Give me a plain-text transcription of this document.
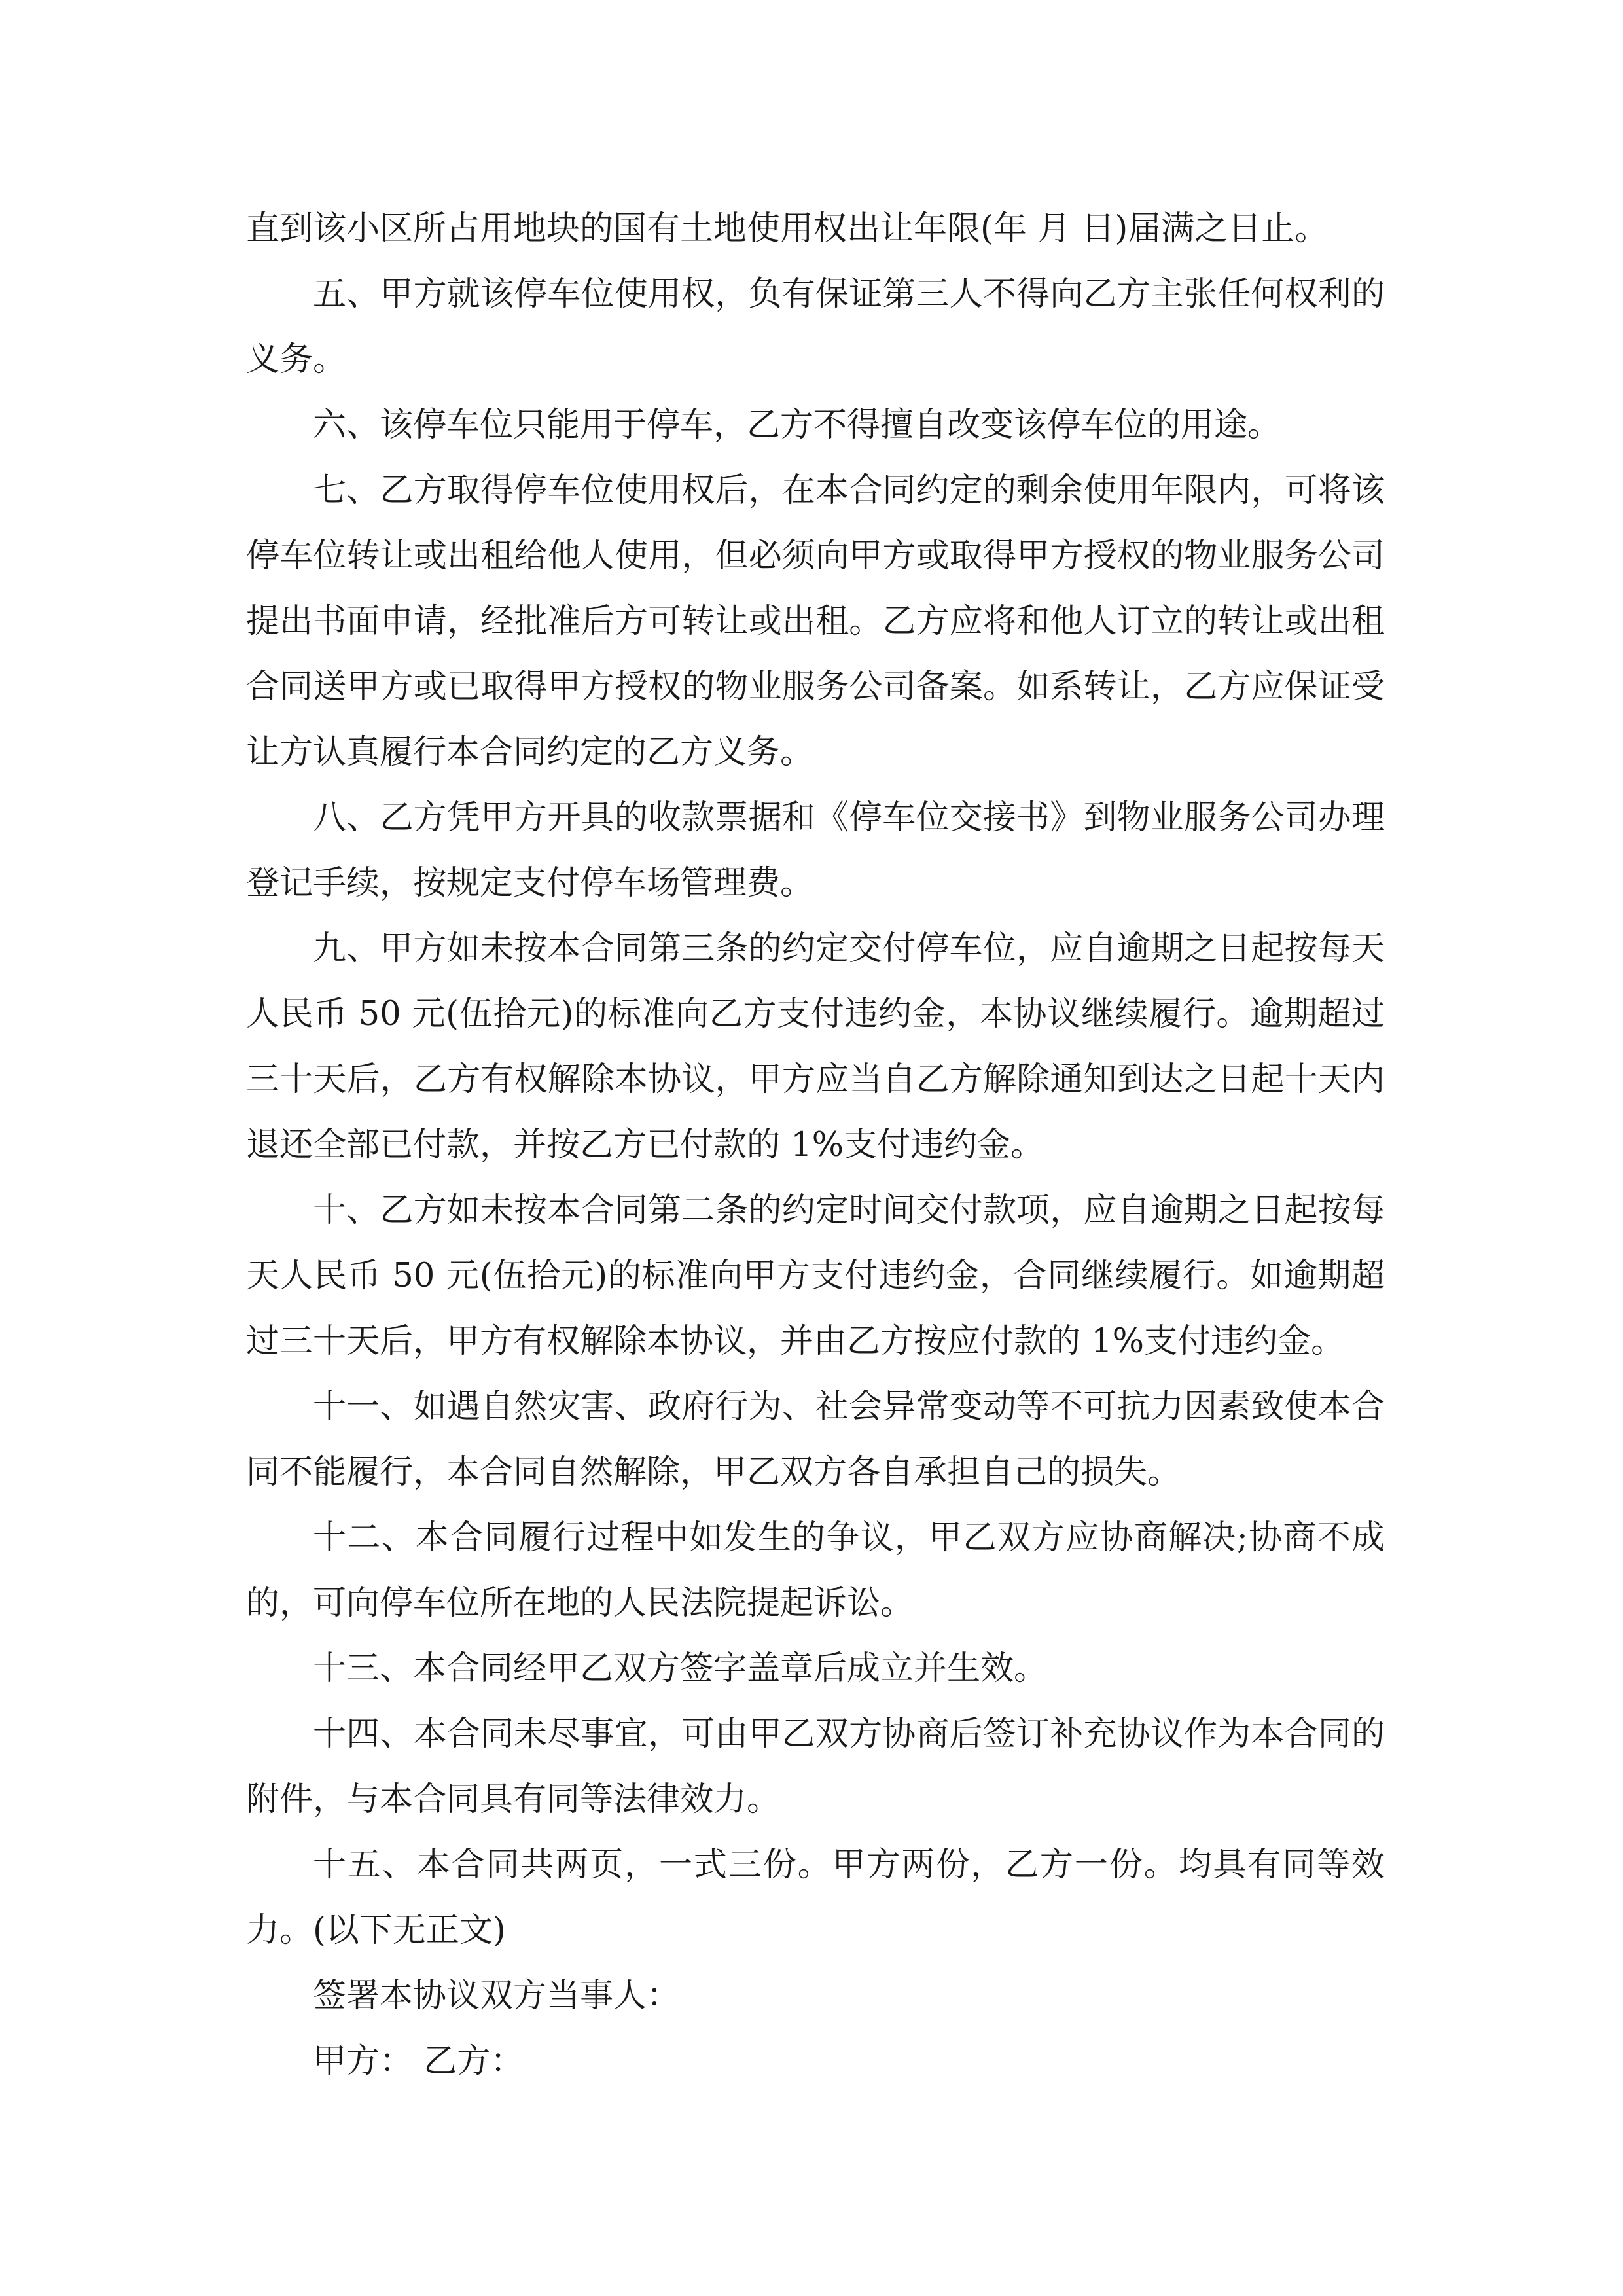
直到该小区所占用地块的国有土地使用权出让年限(年 月 日)届满之日止。

五、甲方就该停车位使用权，负有保证第三人不得向乙方主张任何权利的义务。

六、该停车位只能用于停车，乙方不得擅自改变该停车位的用途。

七、乙方取得停车位使用权后，在本合同约定的剩余使用年限内，可将该停车位转让或出租给他人使用，但必须向甲方或取得甲方授权的物业服务公司提出书面申请，经批准后方可转让或出租。乙方应将和他人订立的转让或出租合同送甲方或已取得甲方授权的物业服务公司备案。如系转让，乙方应保证受让方认真履行本合同约定的乙方义务。

八、乙方凭甲方开具的收款票据和《停车位交接书》到物业服务公司办理登记手续，按规定支付停车场管理费。

九、甲方如未按本合同第三条的约定交付停车位，应自逾期之日起按每天人民币 50 元(伍拾元)的标准向乙方支付违约金，本协议继续履行。逾期超过三十天后，乙方有权解除本协议，甲方应当自乙方解除通知到达之日起十天内退还全部已付款，并按乙方已付款的 1%支付违约金。

十、乙方如未按本合同第二条的约定时间交付款项，应自逾期之日起按每天人民币 50 元(伍拾元)的标准向甲方支付违约金，合同继续履行。如逾期超过三十天后，甲方有权解除本协议，并由乙方按应付款的 1%支付违约金。

十一、如遇自然灾害、政府行为、社会异常变动等不可抗力因素致使本合同不能履行，本合同自然解除，甲乙双方各自承担自己的损失。

十二、本合同履行过程中如发生的争议，甲乙双方应协商解决;协商不成的，可向停车位所在地的人民法院提起诉讼。

十三、本合同经甲乙双方签字盖章后成立并生效。

十四、本合同未尽事宜，可由甲乙双方协商后签订补充协议作为本合同的附件，与本合同具有同等法律效力。

十五、本合同共两页，一式三份。甲方两份，乙方一份。均具有同等效力。(以下无正文)

签署本协议双方当事人：

甲方： 乙方：
